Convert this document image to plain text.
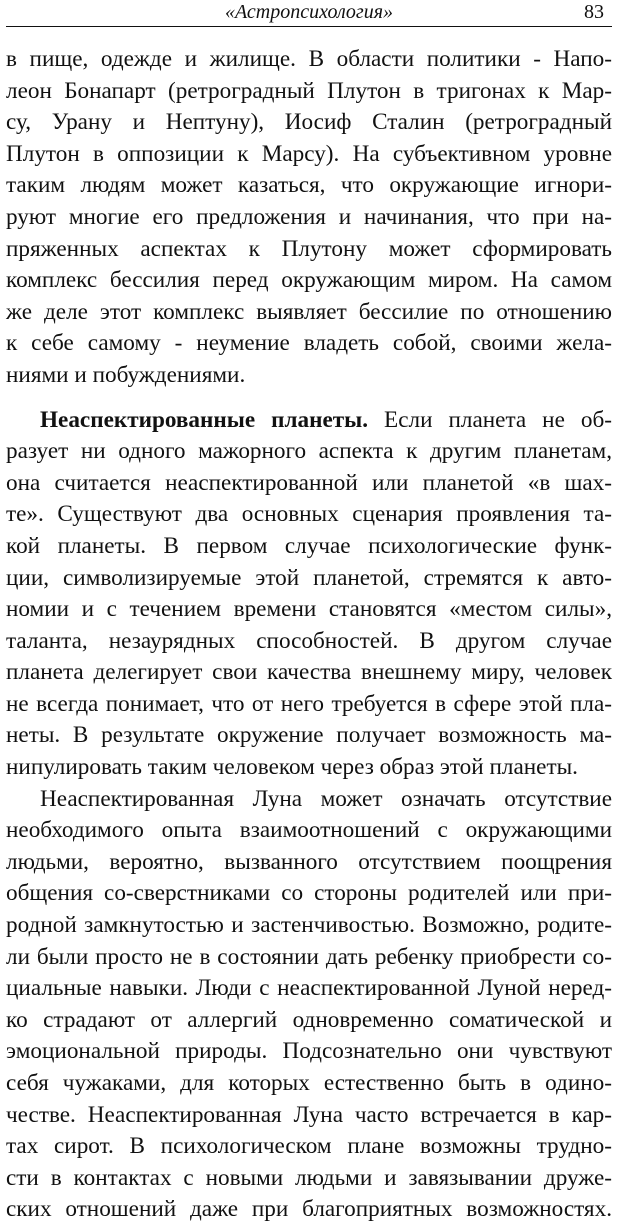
«Астропсихология»	83
в пище, одежде и жилище. В области политики - Напо-
леон Бонапарт (ретроградный Плутон в тригонах к Мар-
су, Урану и Нептуну), Иосиф Сталин (ретроградный
Плутон в оппозиции к Марсу). На субъективном уровне
таким людям может казаться, что окружающие игнори-
руют многие его предложения и начинания, что при на-
пряженных аспектах к Плутону может сформировать
комплекс бессилия перед окружающим миром. На самом
же деле этот комплекс выявляет бессилие по отношению
к себе самому - неумение владеть собой, своими жела-
ниями и побуждениями.
Неаспектированные планеты. Если планета не об-
разует ни одного мажорного аспекта к другим планетам,
она считается неаспектированной или планетой «в шах-
те». Существуют два основных сценария проявления та-
кой планеты. В первом случае психологические функ-
ции, символизируемые этой планетой, стремятся к авто-
номии и с течением времени становятся «местом силы»,
таланта, незаурядных способностей. В другом случае
планета делегирует свои качества внешнему миру, человек
не всегда понимает, что от него требуется в сфере этой пла-
неты. В результате окружение получает возможность ма-
нипулировать таким человеком через образ этой планеты.
Неаспектированная Луна может означать отсутствие
необходимого опыта взаимоотношений с окружающими
людьми, вероятно, вызванного отсутствием поощрения
общения со-сверстниками со стороны родителей или при-
родной замкнутостью и застенчивостью. Возможно, родите-
ли были просто не в состоянии дать ребенку приобрести со-
циальные навыки. Люди с неаспектированной Луной неред-
ко страдают от аллергий одновременно соматической и
эмоциональной природы. Подсознательно они чувствуют
себя чужаками, для которых естественно быть в одино-
честве. Неаспектированная Луна часто встречается в кар-
тах сирот. В психологическом плане возможны трудно-
сти в контактах с новыми людьми и завязывании друже-
ских отношений даже при благоприятных возможностях.
